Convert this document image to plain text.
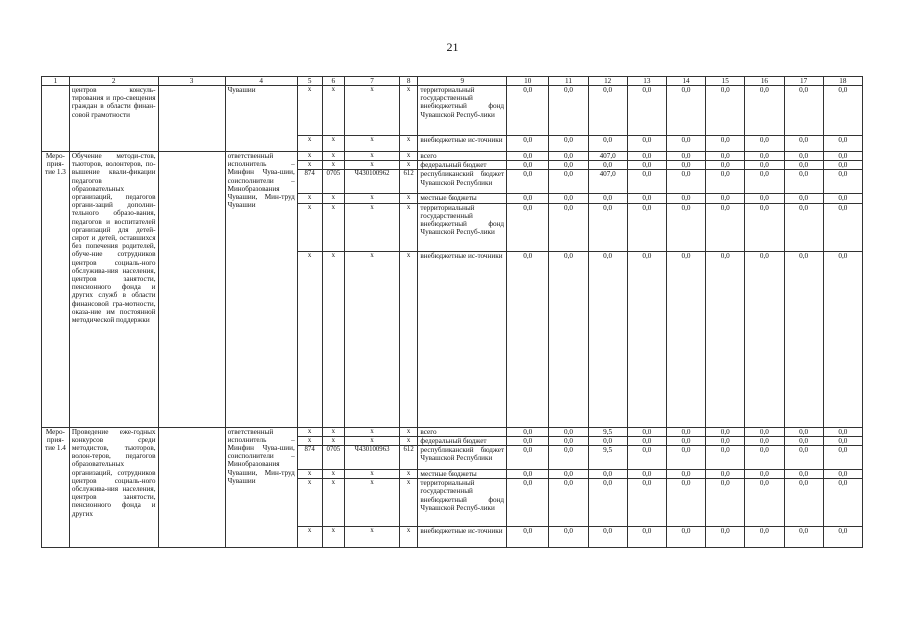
21
1	2	3	4	5	6	7	8	9	10	11	12	13	14	15	16	17	18
	центров консуль-тирования и про-свещения граждан в области финан-совой грамотности		Чувашии	x	x	x	x	территориальный государственный внебюджетный фонд Чувашской Респуб-лики	0,0	0,0	0,0	0,0	0,0	0,0	0,0	0,0	0,0
				x	x	x	x	внебюджетные ис-точники	0,0	0,0	0,0	0,0	0,0	0,0	0,0	0,0	0,0
Меро-прия-тие 1.3	Обучение методи-стов, тьюторов, волонтеров, по-вышение квали-фикации педагогов образовательных организаций, педагогов органи-заций дополни-тельного образо-вания, педагогов и воспитателей организаций для детей-сирот и детей, оставшихся без попечения родителей, обуче-ние сотрудников центров социаль-ного обслужива-ния населения, центров занятости, пенсионного фонда и других служб в области финансовой гра-мотности, оказа-ние им постоянной методической поддержки		ответственный исполнитель – Минфин Чува-шии, соисполнители – Минобразования Чувашии, Мин-труд Чувашии	x	x	x	x	всего	0,0	0,0	407,0	0,0	0,0	0,0	0,0	0,0	0,0
				x	x	x	x	федеральный бюджет	0,0	0,0	0,0	0,0	0,0	0,0	0,0	0,0	0,0
				874	0705	Ч430100962	612	республиканский бюджет Чувашской Республики	0,0	0,0	407,0	0,0	0,0	0,0	0,0	0,0	0,0
				x	x	x	x	местные бюджеты	0,0	0,0	0,0	0,0	0,0	0,0	0,0	0,0	0,0
				x	x	x	x	территориальный государственный внебюджетный фонд Чувашской Респуб-лики	0,0	0,0	0,0	0,0	0,0	0,0	0,0	0,0	0,0
				x	x	x	x	внебюджетные ис-точники	0,0	0,0	0,0	0,0	0,0	0,0	0,0	0,0	0,0
Меро-прия-тие 1.4	Проведение еже-годных конкурсов среди методистов, тьюторов, волон-теров, педагогов образовательных организаций, сотрудников центров социаль-ного обслужива-ния населения, центров занятости, пенсионного фонда и других		ответственный исполнитель – Минфин Чува-шии, соисполнители – Минобразования Чувашии, Мин-труд Чувашии	x	x	x	x	всего	0,0	0,0	9,5	0,0	0,0	0,0	0,0	0,0	0,0
				x	x	x	x	федеральный бюджет	0,0	0,0	0,0	0,0	0,0	0,0	0,0	0,0	0,0
				874	0705	Ч430100963	612	республиканский бюджет Чувашской Республики	0,0	0,0	9,5	0,0	0,0	0,0	0,0	0,0	0,0
				x	x	x	x	местные бюджеты	0,0	0,0	0,0	0,0	0,0	0,0	0,0	0,0	0,0
				x	x	x	x	территориальный государственный внебюджетный фонд Чувашской Респуб-лики	0,0	0,0	0,0	0,0	0,0	0,0	0,0	0,0	0,0
				x	x	x	x	внебюджетные ис-точники	0,0	0,0	0,0	0,0	0,0	0,0	0,0	0,0	0,0
